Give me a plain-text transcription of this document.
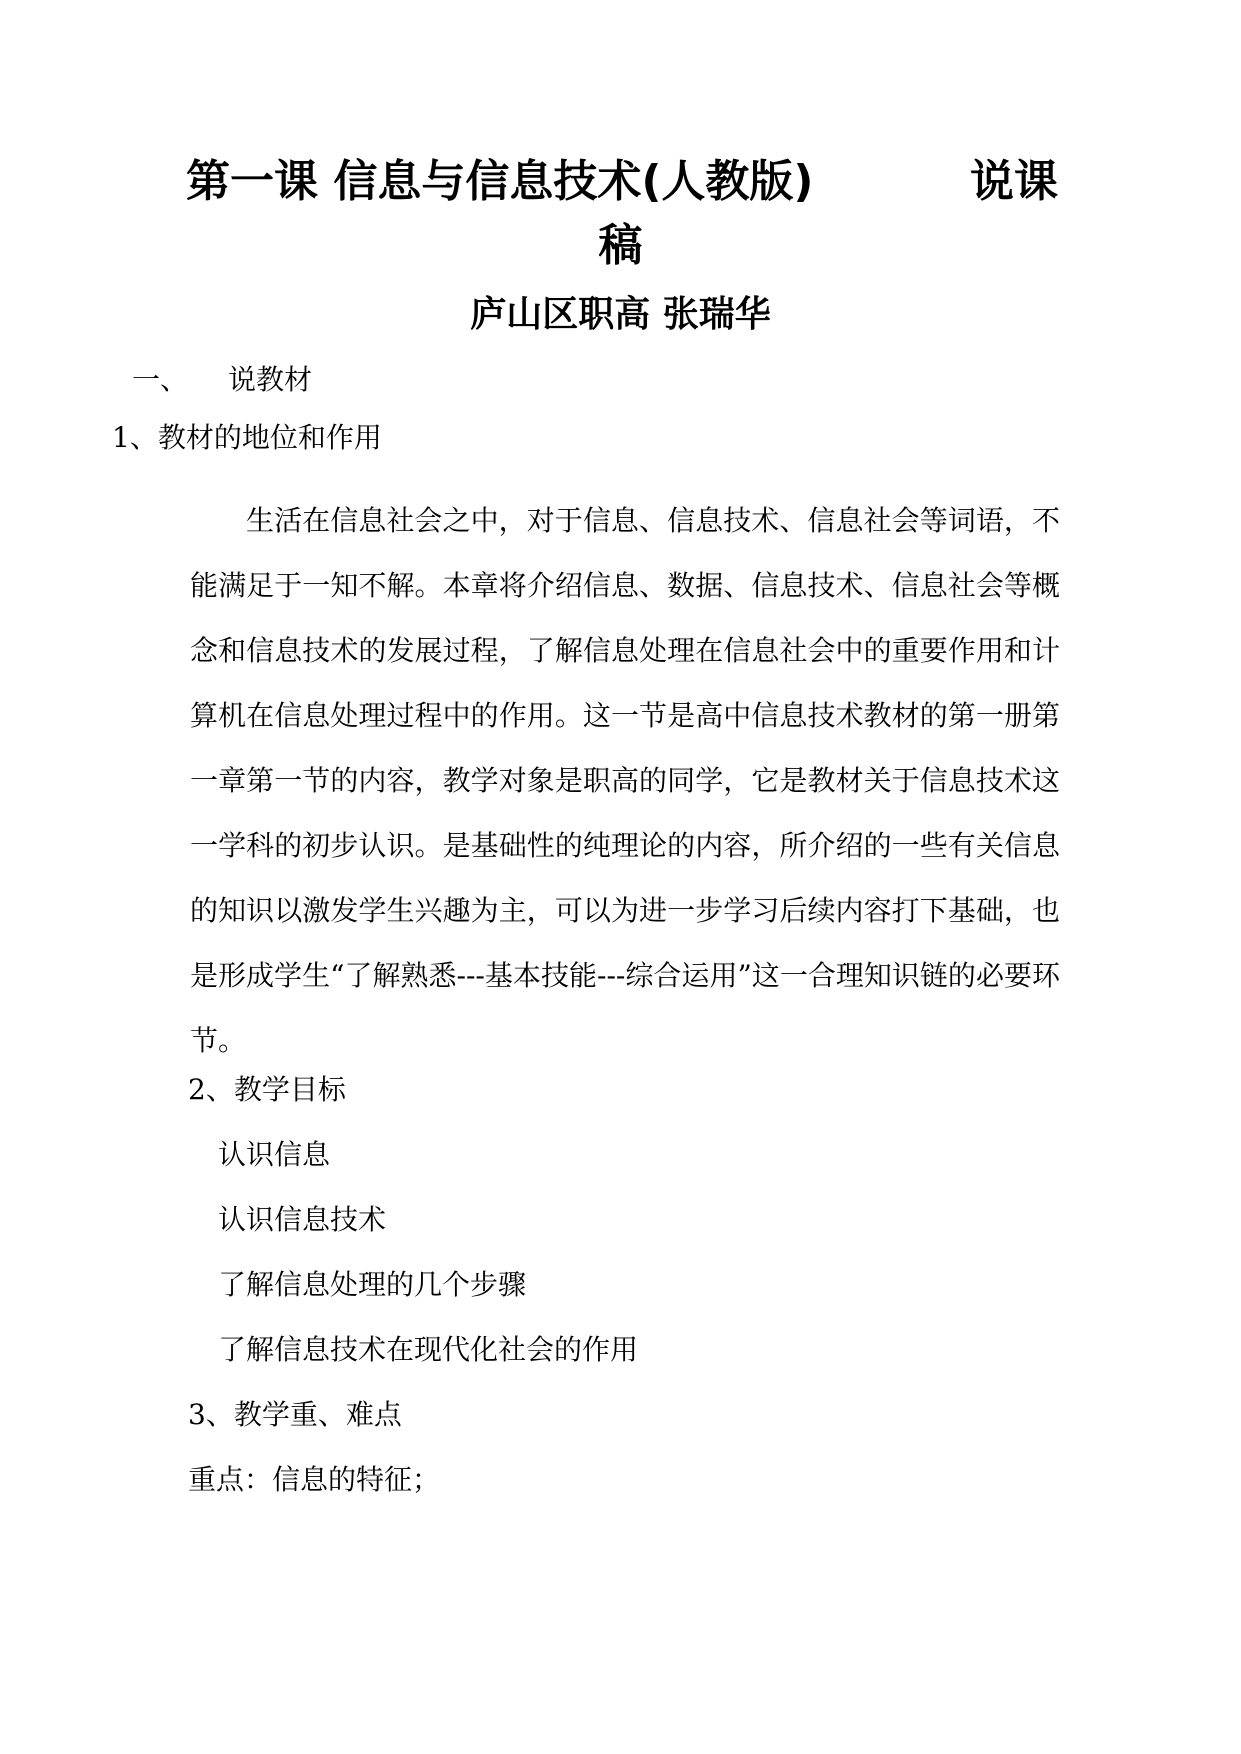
第一课 信息与信息技术(人教版)	说课
稿
庐山区职高 张瑞华

一、 说教材

1、教材的地位和作用

生活在信息社会之中，对于信息、信息技术、信息社会等词语，不能满足于一知不解。本章将介绍信息、数据、信息技术、信息社会等概念和信息技术的发展过程，了解信息处理在信息社会中的重要作用和计算机在信息处理过程中的作用。这一节是高中信息技术教材的第一册第一章第一节的内容，教学对象是职高的同学，它是教材关于信息技术这一学科的初步认识。是基础性的纯理论的内容，所介绍的一些有关信息的知识以激发学生兴趣为主，可以为进一步学习后续内容打下基础，也是形成学生“了解熟悉---基本技能---综合运用”这一合理知识链的必要环节。

2、教学目标

认识信息

认识信息技术

了解信息处理的几个步骤

了解信息技术在现代化社会的作用

3、教学重、难点

重点：信息的特征；
